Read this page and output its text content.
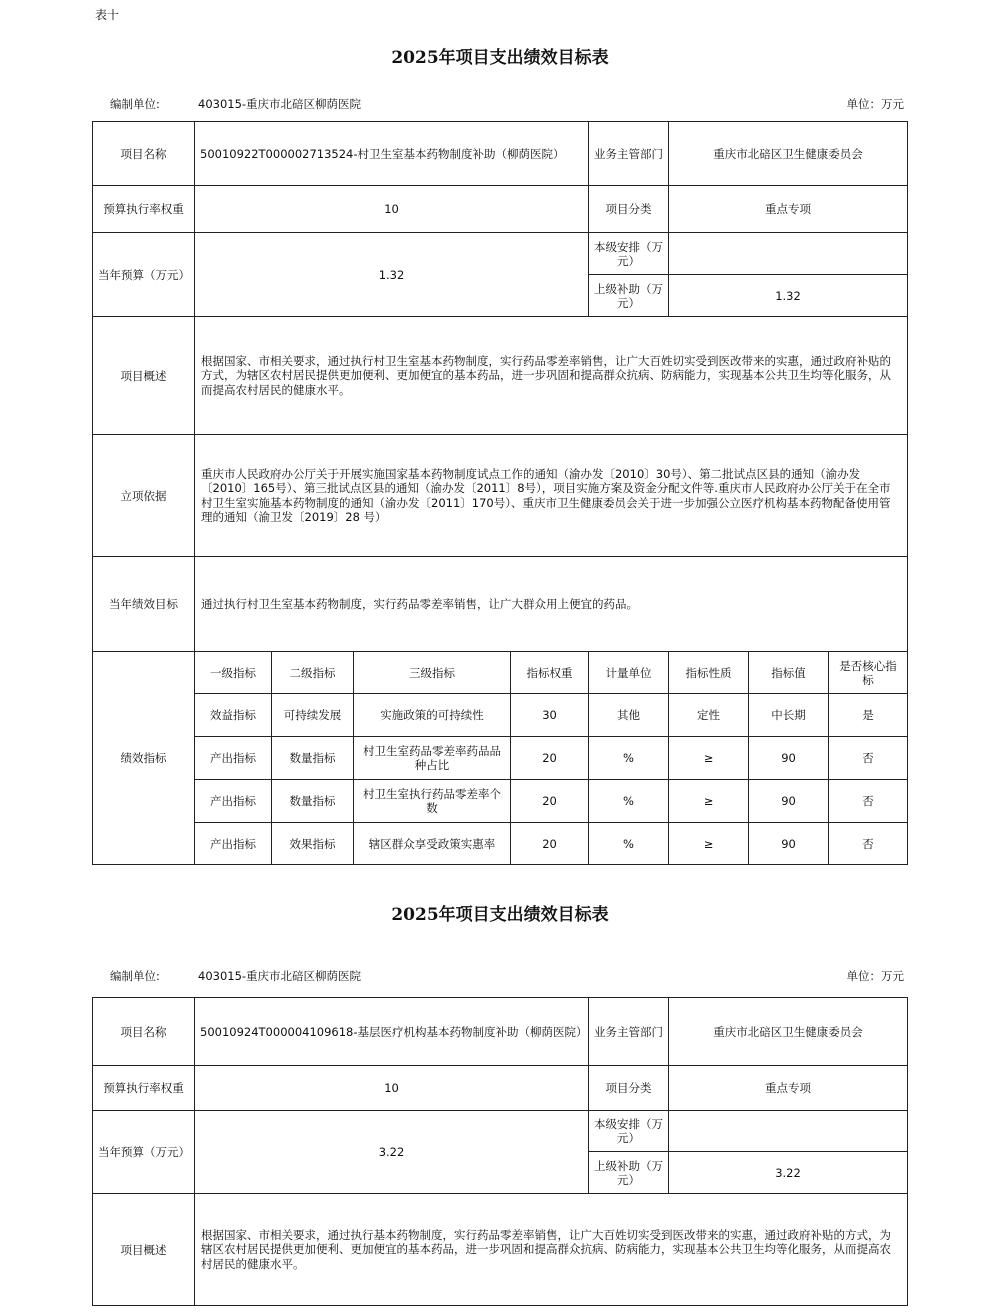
表十
2025年项目支出绩效目标表
编制单位:	403015-重庆市北碚区柳荫医院	单位：万元
项目名称	50010922T000002713524-村卫生室基本药物制度补助（柳荫医院）				业务主管部门	重庆市北碚区卫生健康委员会		
预算执行率权重	10				项目分类	重点专项		
当年预算（万元）	1.32				本级安排（万元）			
					上级补助（万元）	1.32		
项目概述	根据国家、市相关要求，通过执行村卫生室基本药物制度，实行药品零差率销售，让广大百姓切实受到医改带来的实惠，通过政府补贴的方式，为辖区农村居民提供更加便利、更加便宜的基本药品，进一步巩固和提高群众抗病、防病能力，实现基本公共卫生均等化服务，从而提高农村居民的健康水平。							
立项依据	重庆市人民政府办公厅关于开展实施国家基本药物制度试点工作的通知（渝办发〔2010〕30号）、第二批试点区县的通知（渝办发〔2010〕165号）、第三批试点区县的通知（渝办发〔2011〕8号），项目实施方案及资金分配文件等.重庆市人民政府办公厅关于在全市村卫生室实施基本药物制度的通知（渝办发〔2011〕170号）、重庆市卫生健康委员会关于进一步加强公立医疗机构基本药物配备使用管理的通知（渝卫发〔2019〕28 号）							
当年绩效目标	通过执行村卫生室基本药物制度，实行药品零差率销售，让广大群众用上便宜的药品。							
绩效指标	一级指标	二级指标	三级指标	指标权重	计量单位	指标性质	指标值	是否核心指标
	效益指标	可持续发展	实施政策的可持续性	30	其他	定性	中长期	是
	产出指标	数量指标	村卫生室药品零差率药品品种占比	20	%	≥	90	否
	产出指标	数量指标	村卫生室执行药品零差率个数	20	%	≥	90	否
	产出指标	效果指标	辖区群众享受政策实惠率	20	%	≥	90	否
2025年项目支出绩效目标表
编制单位:	403015-重庆市北碚区柳荫医院	单位：万元
项目名称	50010924T000004109618-基层医疗机构基本药物制度补助（柳荫医院）	业务主管部门	重庆市北碚区卫生健康委员会
预算执行率权重	10	项目分类	重点专项
当年预算（万元）	3.22	本级安排（万元）	
		上级补助（万元）	3.22
项目概述	根据国家、市相关要求，通过执行基本药物制度，实行药品零差率销售，让广大百姓切实受到医改带来的实惠，通过政府补贴的方式，为辖区农村居民提供更加便利、更加便宜的基本药品，进一步巩固和提高群众抗病、防病能力，实现基本公共卫生均等化服务，从而提高农村居民的健康水平。		
